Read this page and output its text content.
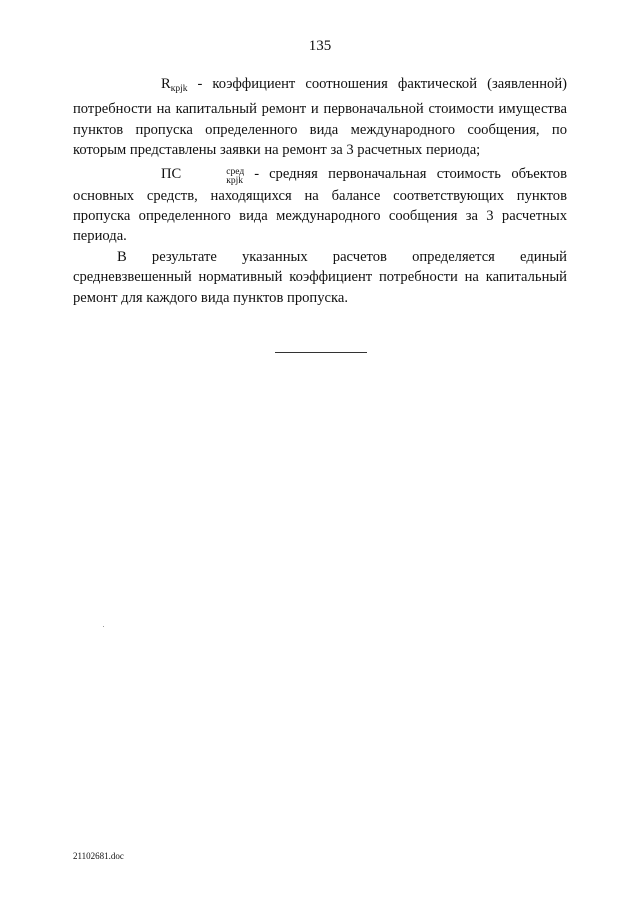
135

$R_{кpjk}$ - коэффициент соотношения фактической (заявленной) потребности на капитальный ремонт и первоначальной стоимости имущества пунктов пропуска определенного вида международного сообщения, по которым представлены заявки на ремонт за 3 расчетных периода;

ПС	сред
кpjk - средняя первоначальная стоимость объектов основных средств, находящихся на балансе соответствующих пунктов пропуска определенного вида международного сообщения за 3 расчетных периода.

В результате указанных расчетов определяется единый средневзвешенный нормативный коэффициент потребности на капитальный ремонт для каждого вида пунктов пропуска.

21102681.doc
